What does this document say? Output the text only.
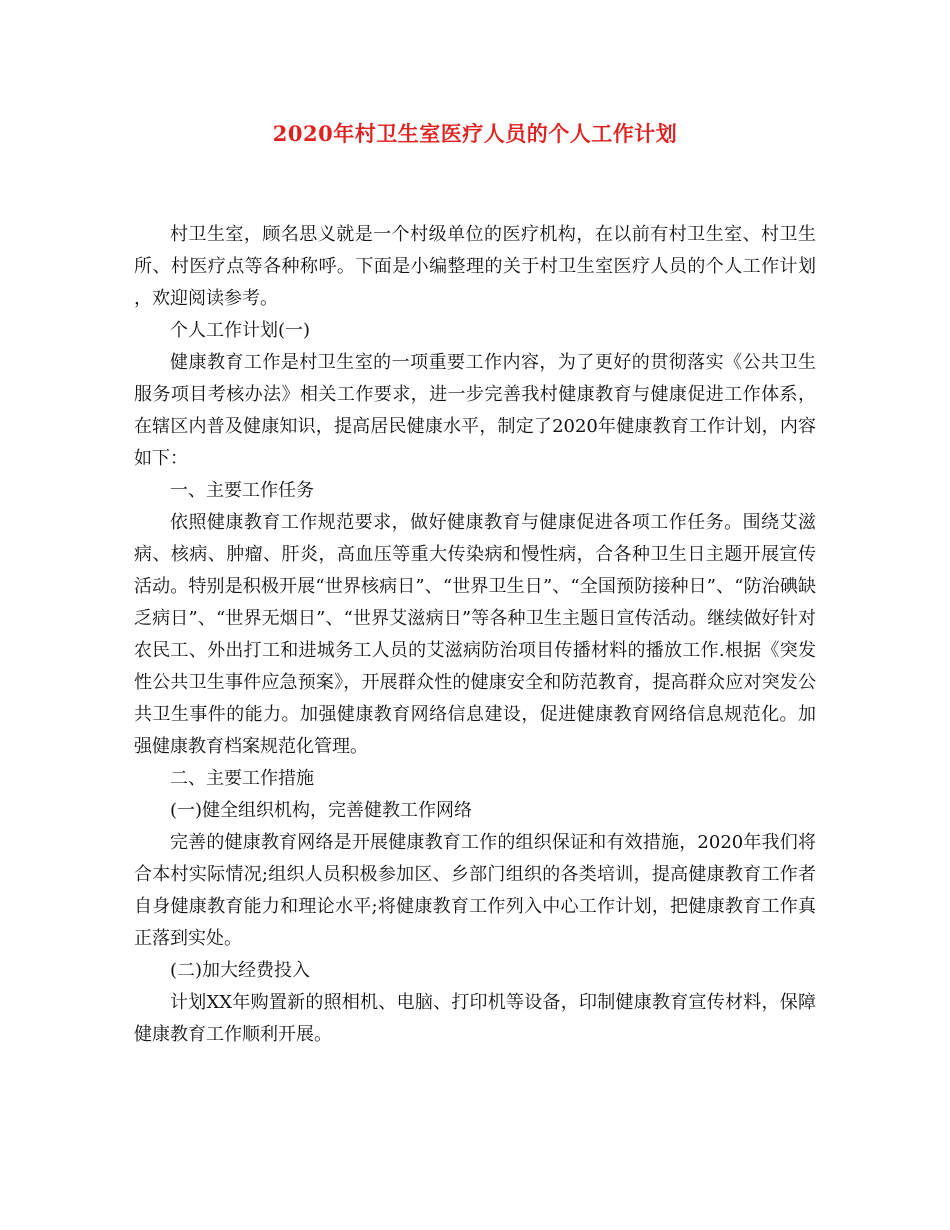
2020年村卫生室医疗人员的个人工作计划

村卫生室，顾名思义就是一个村级单位的医疗机构，在以前有村卫生室、村卫生所、村医疗点等各种称呼。下面是小编整理的关于村卫生室医疗人员的个人工作计划，欢迎阅读参考。

个人工作计划(一)

健康教育工作是村卫生室的一项重要工作内容，为了更好的贯彻落实《公共卫生服务项目考核办法》相关工作要求，进一步完善我村健康教育与健康促进工作体系，在辖区内普及健康知识，提高居民健康水平，制定了2020年健康教育工作计划，内容如下：

一、主要工作任务

依照健康教育工作规范要求，做好健康教育与健康促进各项工作任务。围绕艾滋病、核病、肿瘤、肝炎，高血压等重大传染病和慢性病，合各种卫生日主题开展宣传活动。特别是积极开展“世界核病日”、“世界卫生日”、“全国预防接种日”、“防治碘缺乏病日”、“世界无烟日”、“世界艾滋病日”等各种卫生主题日宣传活动。继续做好针对农民工、外出打工和进城务工人员的艾滋病防治项目传播材料的播放工作.根据《突发性公共卫生事件应急预案》，开展群众性的健康安全和防范教育，提高群众应对突发公共卫生事件的能力。加强健康教育网络信息建设，促进健康教育网络信息规范化。加强健康教育档案规范化管理。

二、主要工作措施

(一)健全组织机构，完善健教工作网络

完善的健康教育网络是开展健康教育工作的组织保证和有效措施，2020年我们将合本村实际情况;组织人员积极参加区、乡部门组织的各类培训，提高健康教育工作者自身健康教育能力和理论水平;将健康教育工作列入中心工作计划，把健康教育工作真正落到实处。

(二)加大经费投入

计划XX年购置新的照相机、电脑、打印机等设备，印制健康教育宣传材料，保障健康教育工作顺利开展。
